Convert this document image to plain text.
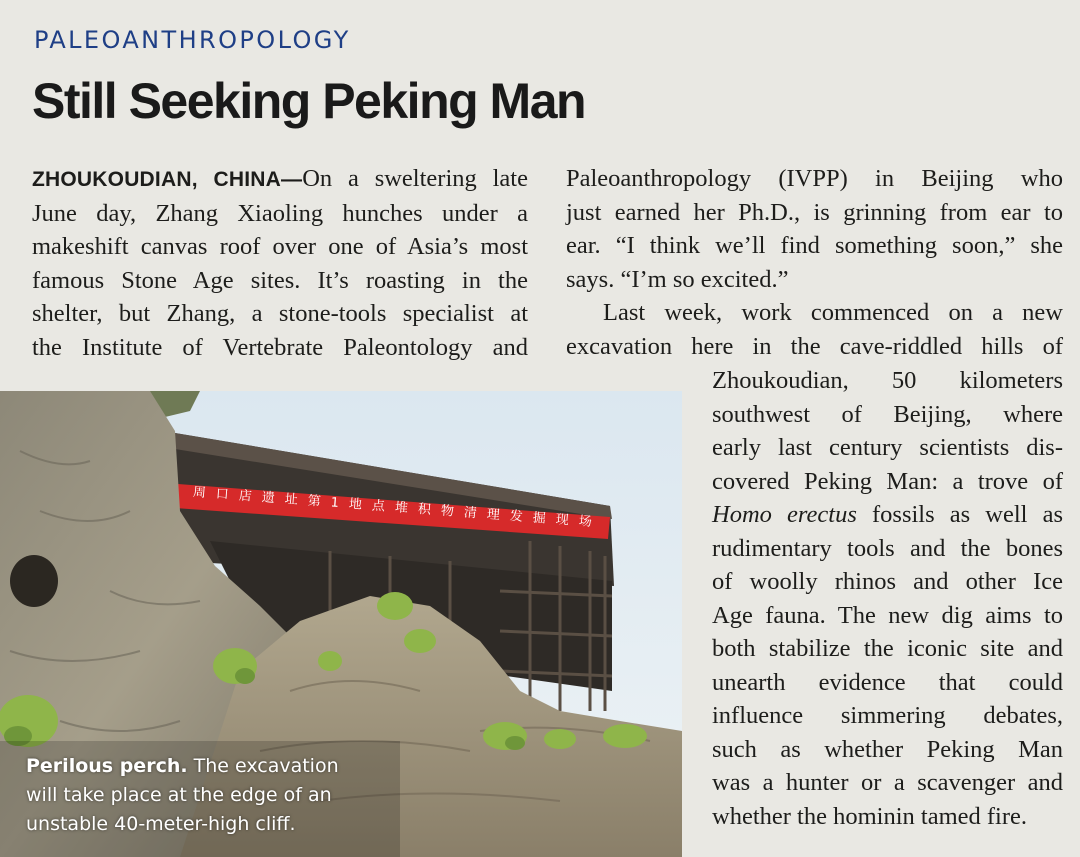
PALEOANTHROPOLOGY
Still Seeking Peking Man
ZHOUKOUDIAN, CHINA—On a sweltering late
June day, Zhang Xiaoling hunches under a
makeshift canvas roof over one of Asia’s most
famous Stone Age sites. It’s roasting in the
shelter, but Zhang, a stone-tools specialist at
the Institute of Vertebrate Paleontology and
Paleoanthropology (IVPP) in Beijing who
just earned her Ph.D., is grinning from ear to
ear. “I think we’ll find something soon,” she
says. “I’m so excited.”
Last week, work commenced on a new
excavation here in the cave-riddled hills of
Zhoukoudian, 50 kilometers
southwest of Beijing, where
early last century scientists dis-
covered Peking Man: a trove of
Homo erectus fossils as well as
rudimentary tools and the bones
of woolly rhinos and other Ice
Age fauna. The new dig aims to
both stabilize the iconic site and
unearth evidence that could
influence simmering debates,
such as whether Peking Man
was a hunter or a scavenger and
whether the hominin tamed fire.
周口店遗址第1地点堆积物清理发掘现场
Perilous perch. The excavation
will take place at the edge of an
unstable 40-meter-high cliff.
